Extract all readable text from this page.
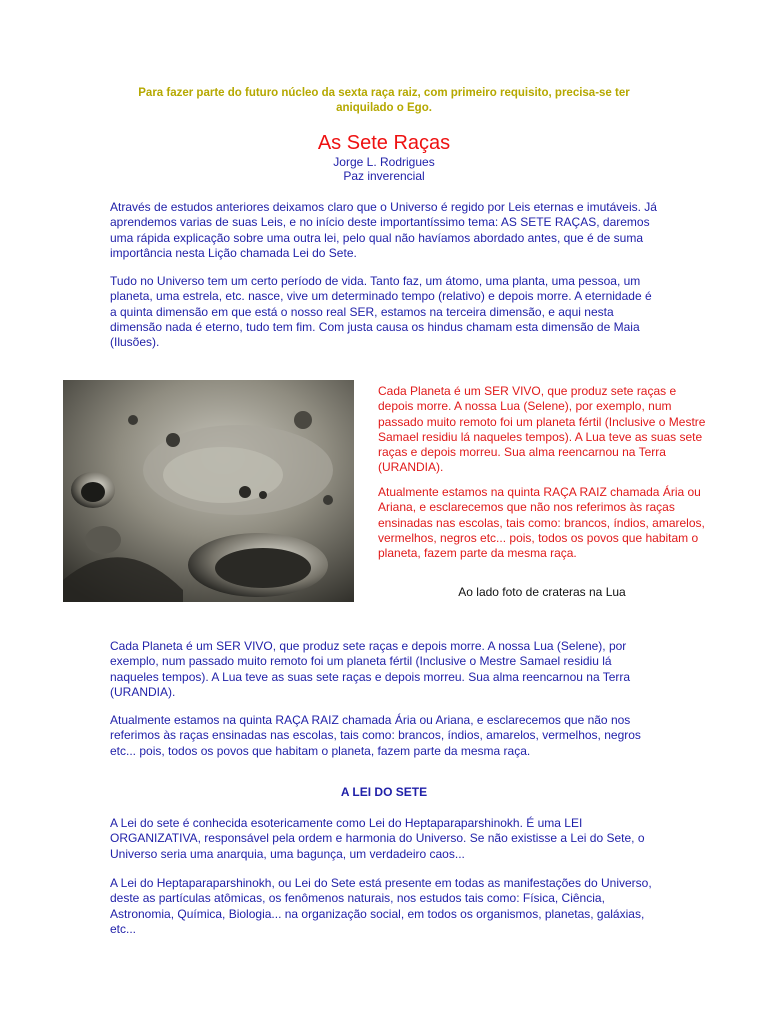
Para fazer parte do futuro núcleo da sexta raça raiz, com primeiro requisito, precisa-se ter aniquilado o Ego.
As Sete Raças
Jorge L. Rodrigues
Paz inverencial

Através de estudos anteriores deixamos claro que o Universo é regido por Leis eternas e imutáveis. Já aprendemos varias de suas Leis, e no início deste importantíssimo tema: AS SETE RAÇAS, daremos uma rápida explicação sobre uma outra lei, pelo qual não havíamos abordado antes, que é de suma importância nesta Lição chamada Lei do Sete.

Tudo no Universo tem um certo período de vida. Tanto faz, um átomo, uma planta, uma pessoa, um planeta, uma estrela, etc. nasce, vive um determinado tempo (relativo) e depois morre. A eternidade é a quinta dimensão em que está o nosso real SER, estamos na terceira dimensão, e aqui nesta dimensão nada é eterno, tudo tem fim. Com justa causa os hindus chamam esta dimensão de Maia (Ilusões).

Cada Planeta é um SER VIVO, que produz sete raças e depois morre. A nossa Lua (Selene), por exemplo, num passado muito remoto foi um planeta fértil (Inclusive o Mestre Samael residiu lá naqueles tempos). A Lua teve as suas sete raças e depois morreu. Sua alma reencarnou na Terra (URANDIA).

Atualmente estamos na quinta RAÇA RAIZ chamada Ária ou Ariana, e esclarecemos que não nos referimos às raças ensinadas nas escolas, tais como: brancos, índios, amarelos, vermelhos, negros etc... pois, todos os povos que habitam o planeta, fazem parte da mesma raça.

Ao lado foto de crateras na Lua

Cada Planeta é um SER VIVO, que produz sete raças e depois morre. A nossa Lua (Selene), por exemplo, num passado muito remoto foi um planeta fértil (Inclusive o Mestre Samael residiu lá naqueles tempos). A Lua teve as suas sete raças e depois morreu. Sua alma reencarnou na Terra (URANDIA).

Atualmente estamos na quinta RAÇA RAIZ chamada Ária ou Ariana, e esclarecemos que não nos referimos às raças ensinadas nas escolas, tais como: brancos, índios, amarelos, vermelhos, negros etc... pois, todos os povos que habitam o planeta, fazem parte da mesma raça.

A LEI DO SETE

A Lei do sete é conhecida esotericamente como Lei do Heptaparaparshinokh. É uma LEI ORGANIZATIVA, responsável pela ordem e harmonia do Universo. Se não existisse a Lei do Sete, o Universo seria uma anarquia, uma bagunça, um verdadeiro caos...

A Lei do Heptaparaparshinokh, ou Lei do Sete está presente em todas as manifestações do Universo, deste as partículas atômicas, os fenômenos naturais, nos estudos tais como: Física, Ciência, Astronomia, Química, Biologia... na organização social, em todos os organismos, planetas, galáxias, etc...
